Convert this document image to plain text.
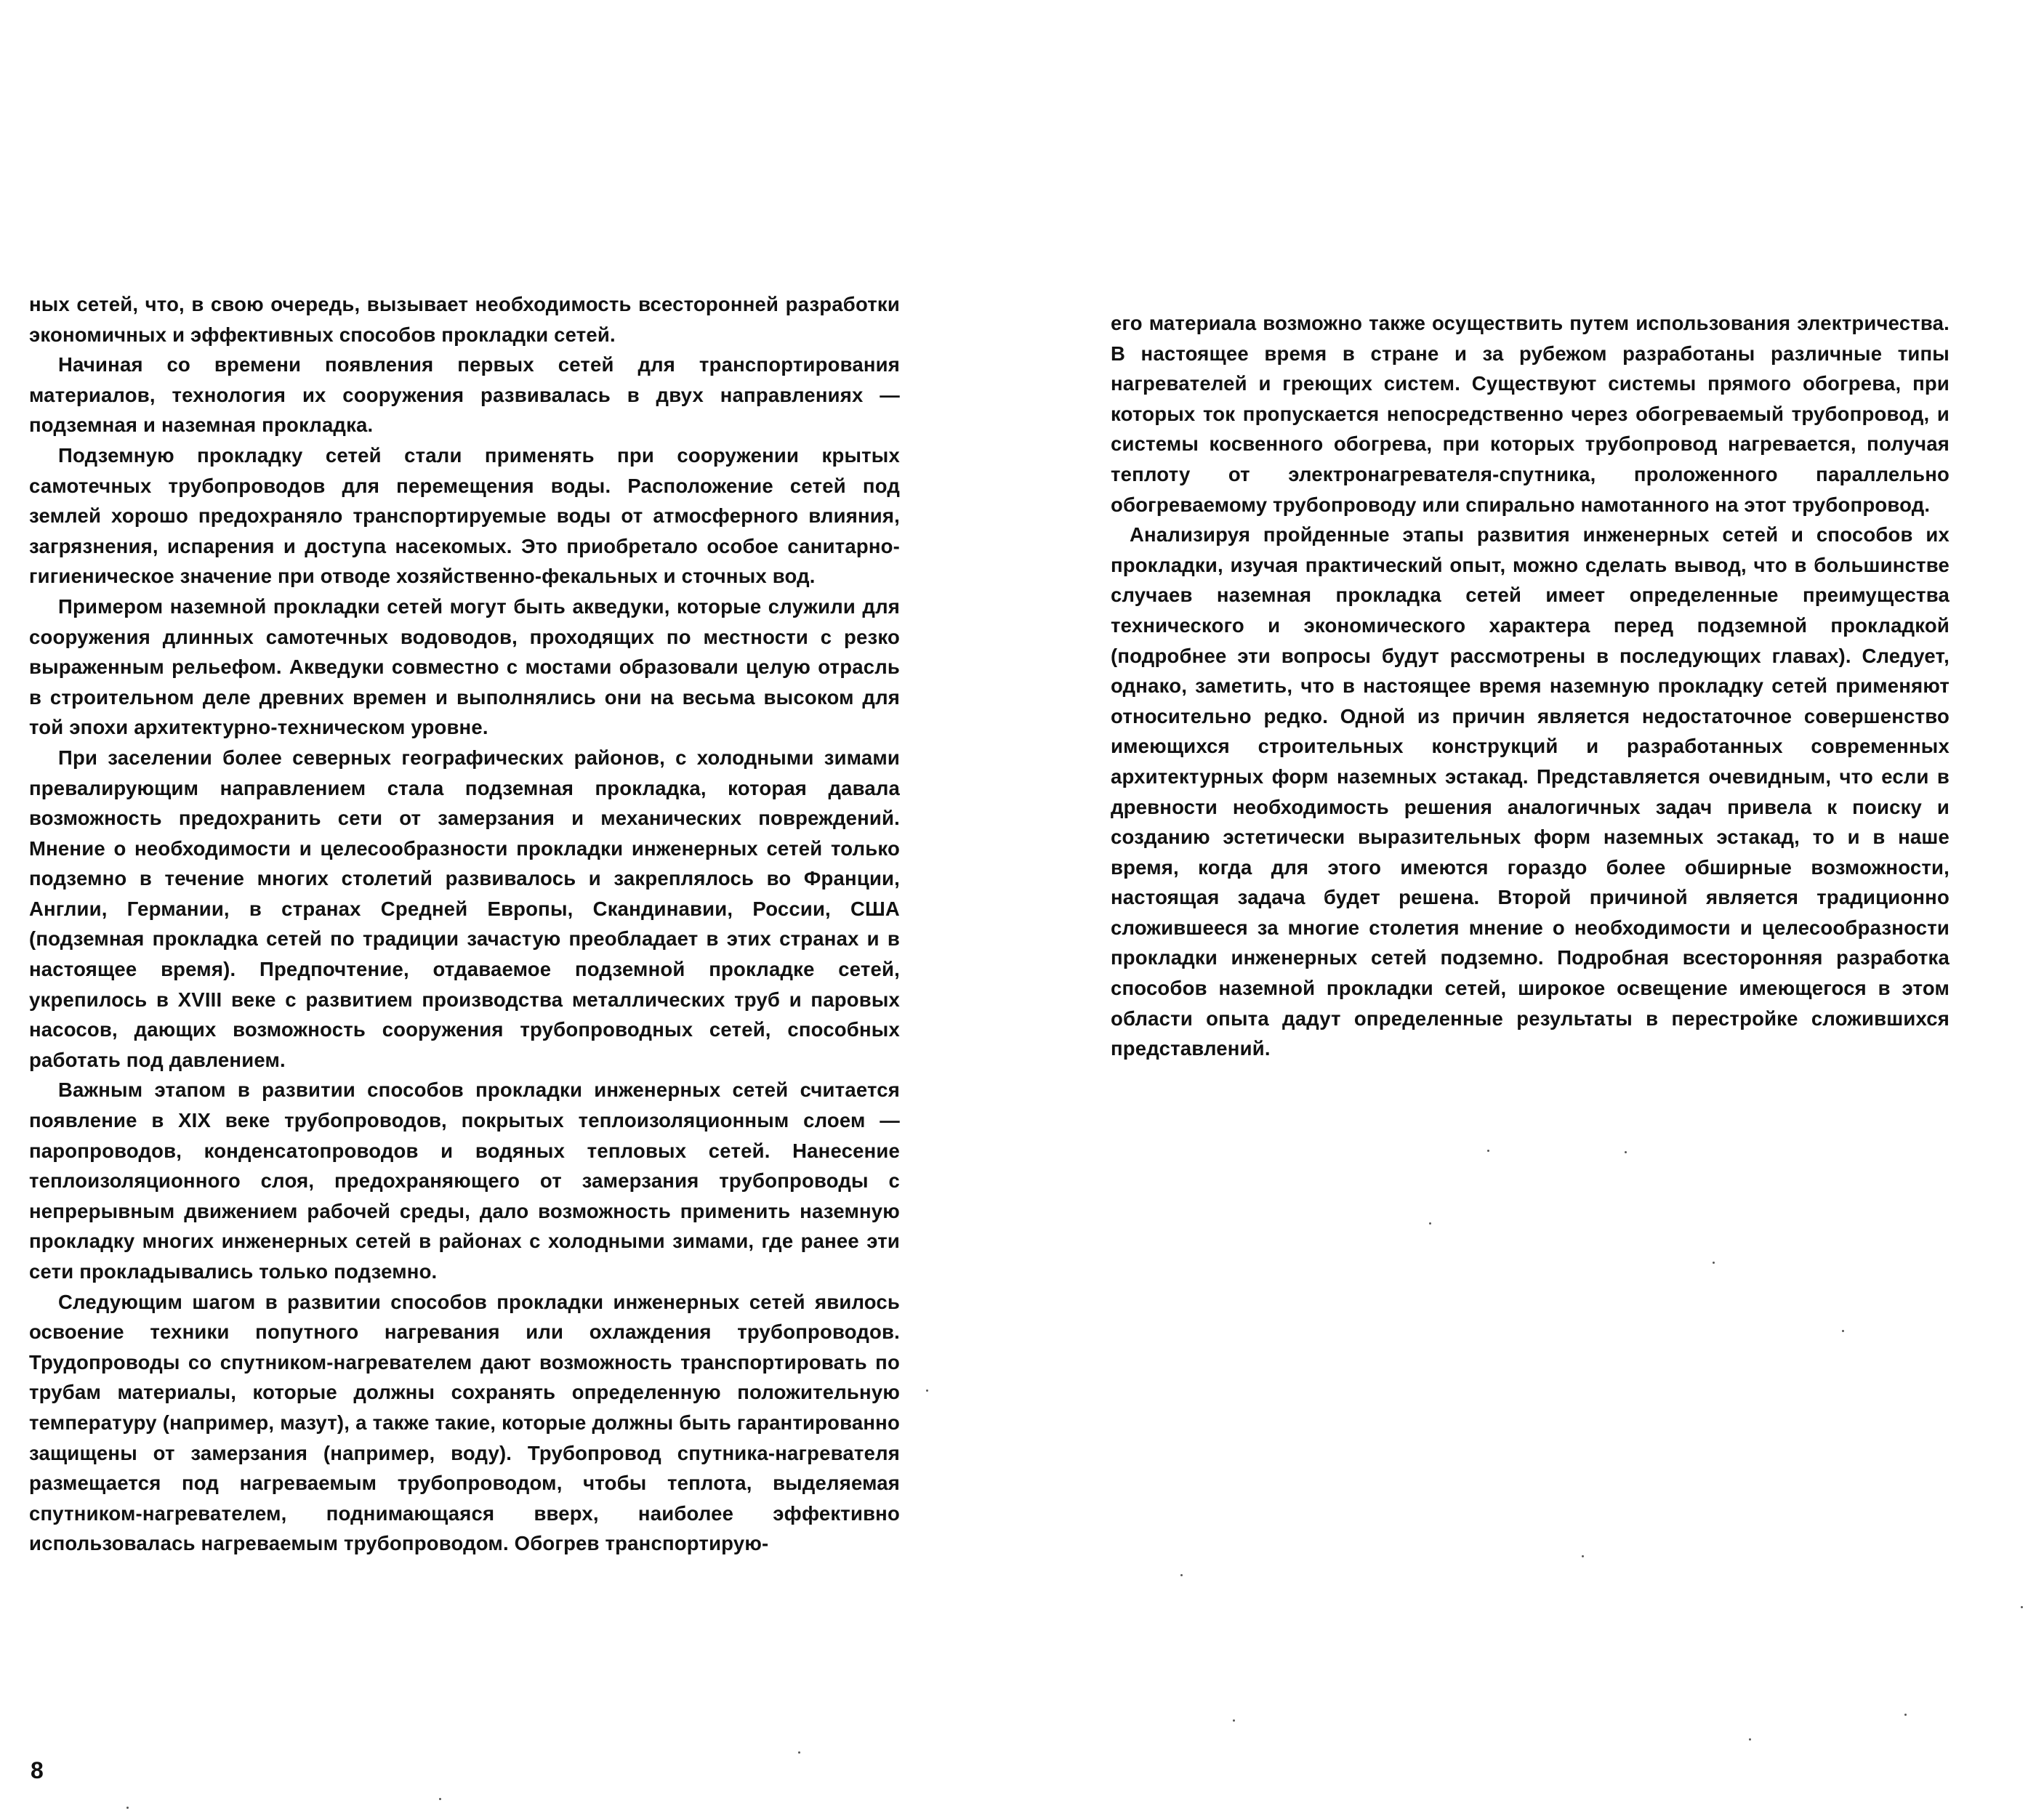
ных сетей, что, в свою очередь, вызывает необходимость всесторонней разработки экономичных и эффективных способов прокладки сетей.

Начиная со времени появления первых сетей для транспортирования материалов, технология их сооружения развивалась в двух направлениях — подземная и наземная прокладка.

Подземную прокладку сетей стали применять при сооружении крытых самотечных трубопроводов для перемещения воды. Расположение сетей под землей хорошо предохраняло транспортируемые воды от атмосферного влияния, загрязнения, испарения и доступа насекомых. Это приобретало особое санитарно-гигиеническое значение при отводе хозяйственно-фекальных и сточных вод.

Примером наземной прокладки сетей могут быть акведуки, которые служили для сооружения длинных самотечных водоводов, проходящих по местности с резко выраженным рельефом. Акведуки совместно с мостами образовали целую отрасль в строительном деле древних времен и выполнялись они на весьма высоком для той эпохи архитектурно-техническом уровне.

При заселении более северных географических районов, с холодными зимами превалирующим направлением стала подземная прокладка, которая давала возможность предохранить сети от замерзания и механических повреждений. Мнение о необходимости и целесообразности прокладки инженерных сетей только подземно в течение многих столетий развивалось и закреплялось во Франции, Англии, Германии, в странах Средней Европы, Скандинавии, России, США (подземная прокладка сетей по традиции зачастую преобладает в этих странах и в настоящее время). Предпочтение, отдаваемое подземной прокладке сетей, укрепилось в XVIII веке с развитием производства металлических труб и паровых насосов, дающих возможность сооружения трубопроводных сетей, способных работать под давлением.

Важным этапом в развитии способов прокладки инженерных сетей считается появление в XIX веке трубопроводов, покрытых теплоизоляционным слоем — паропроводов, конденсатопроводов и водяных тепловых сетей. Нанесение теплоизоляционного слоя, предохраняющего от замерзания трубопроводы с непрерывным движением рабочей среды, дало возможность применить наземную прокладку многих инженерных сетей в районах с холодными зимами, где ранее эти сети прокладывались только подземно.

Следующим шагом в развитии способов прокладки инженерных сетей явилось освоение техники попутного нагревания или охлаждения трубопроводов. Трудопроводы со спутником-нагревателем дают возможность транспортировать по трубам материалы, которые должны сохранять определенную положительную температуру (например, мазут), а также такие, которые должны быть гарантированно защищены от замерзания (например, воду). Трубопровод спутника-нагревателя размещается под нагреваемым трубопроводом, чтобы теплота, выделяемая спутником-нагревателем, поднимающаяся вверх, наиболее эффективно использовалась нагреваемым трубопроводом. Обогрев транспортирую-

8

его материала возможно также осуществить путем использования электричества. В настоящее время в стране и за рубежом разработаны различные типы нагревателей и греющих систем. Существуют системы прямого обогрева, при которых ток пропускается непосредственно через обогреваемый трубопровод, и системы косвенного обогрева, при которых трубопровод нагревается, получая теплоту от электронагревателя-спутника, проложенного параллельно обогреваемому трубопроводу или спирально намотанного на этот трубопровод.

Анализируя пройденные этапы развития инженерных сетей и способов их прокладки, изучая практический опыт, можно сделать вывод, что в большинстве случаев наземная прокладка сетей имеет определенные преимущества технического и экономического характера перед подземной прокладкой (подробнее эти вопросы будут рассмотрены в последующих главах). Следует, однако, заметить, что в настоящее время наземную прокладку сетей применяют относительно редко. Одной из причин является недостаточное совершенство имеющихся строительных конструкций и разработанных современных архитектурных форм наземных эстакад. Представляется очевидным, что если в древности необходимость решения аналогичных задач привела к поиску и созданию эстетически выразительных форм наземных эстакад, то и в наше время, когда для этого имеются гораздо более обширные возможности, настоящая задача будет решена. Второй причиной является традиционно сложившееся за многие столетия мнение о необходимости и целесообразности прокладки инженерных сетей подземно. Подробная всесторонняя разработка способов наземной прокладки сетей, широкое освещение имеющегося в этом области опыта дадут определенные результаты в перестройке сложившихся представлений.
